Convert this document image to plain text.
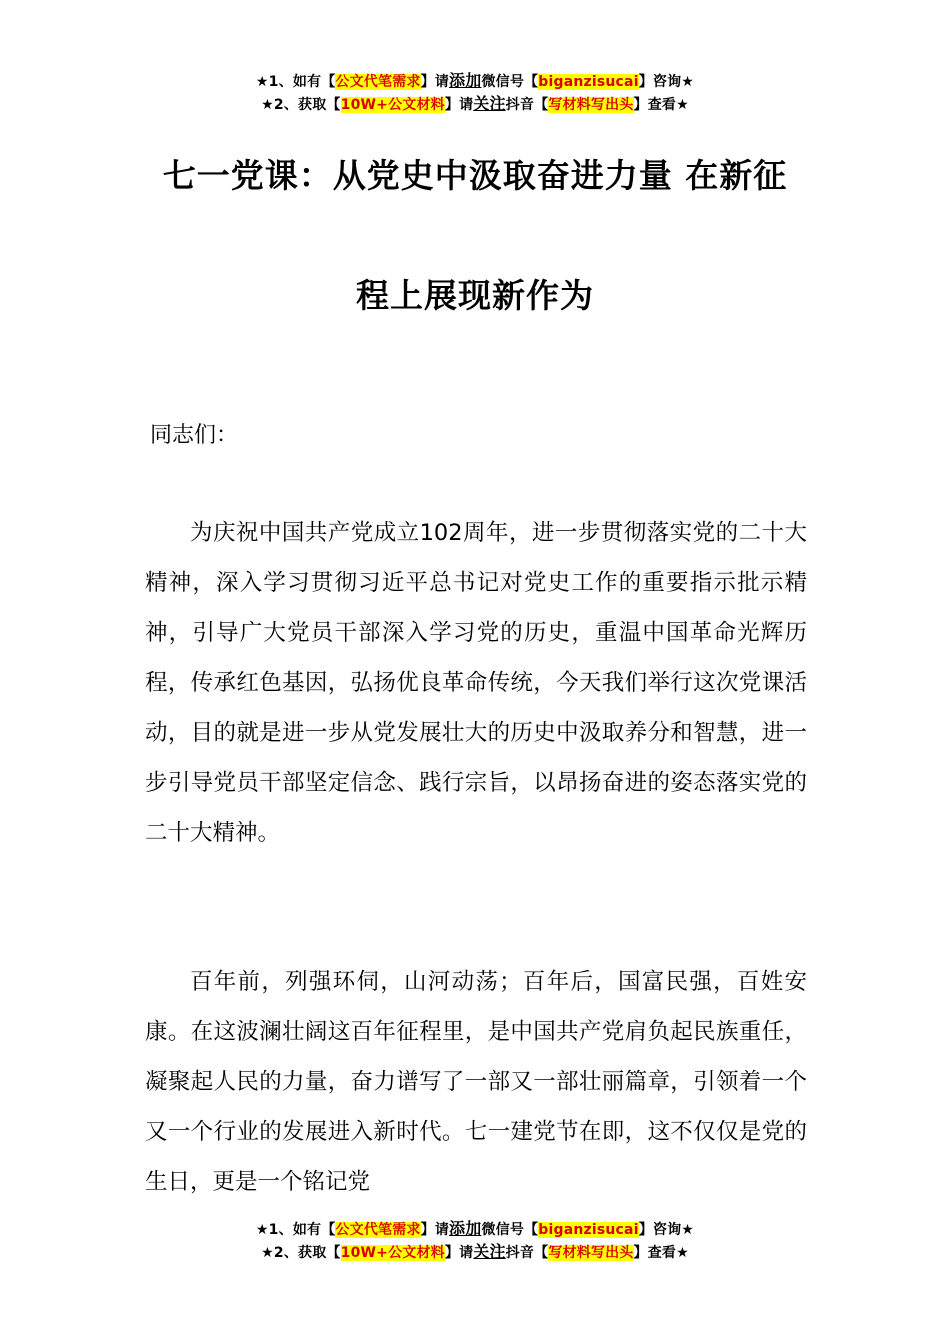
★1、如有【公文代笔需求】请添加微信号【biganzisucai】咨询★
★2、获取【10W+公文材料】请关注抖音【写材料写出头】查看★
七一党课：从党史中汲取奋进力量 在新征
程上展现新作为
同志们：

为庆祝中国共产党成立102周年，进一步贯彻落实党的二十大精神，深入学习贯彻习近平总书记对党史工作的重要指示批示精神，引导广大党员干部深入学习党的历史，重温中国革命光辉历程，传承红色基因，弘扬优良革命传统，今天我们举行这次党课活动，目的就是进一步从党发展壮大的历史中汲取养分和智慧，进一步引导党员干部坚定信念、践行宗旨，以昂扬奋进的姿态落实党的二十大精神。

百年前，列强环伺，山河动荡；百年后，国富民强，百姓安康。在这波澜壮阔这百年征程里，是中国共产党肩负起民族重任，凝聚起人民的力量，奋力谱写了一部又一部壮丽篇章，引领着一个又一个行业的发展进入新时代。七一建党节在即，这不仅仅是党的生日，更是一个铭记党

★1、如有【公文代笔需求】请添加微信号【biganzisucai】咨询★
★2、获取【10W+公文材料】请关注抖音【写材料写出头】查看★
